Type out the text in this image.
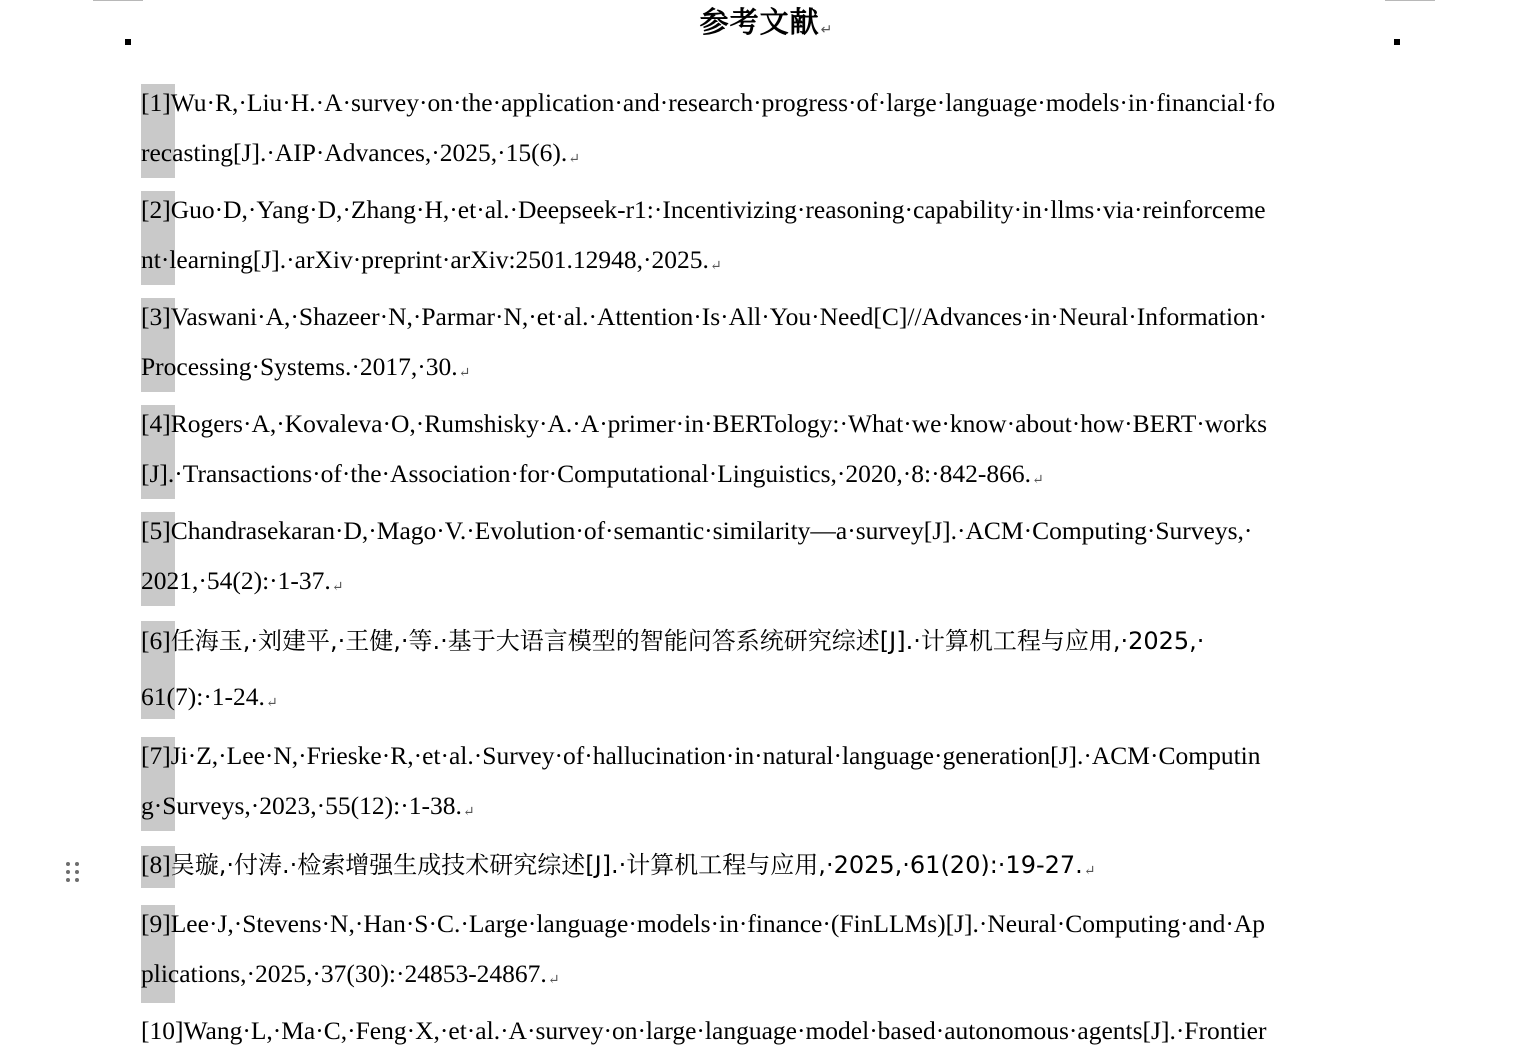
参考文献↵
[1]Wu·R,·Liu·H.·A·survey·on·the·application·and·research·progress·of·large·language·models·in·financial·fo
recasting[J].·AIP·Advances,·2025,·15(6).↵
[2]Guo·D,·Yang·D,·Zhang·H,·et·al.·Deepseek-r1:·Incentivizing·reasoning·capability·in·llms·via·reinforceme
nt·learning[J].·arXiv·preprint·arXiv:2501.12948,·2025.↵
[3]Vaswani·A,·Shazeer·N,·Parmar·N,·et·al.·Attention·Is·All·You·Need[C]//Advances·in·Neural·Information·
Processing·Systems.·2017,·30.↵
[4]Rogers·A,·Kovaleva·O,·Rumshisky·A.·A·primer·in·BERTology:·What·we·know·about·how·BERT·works
[J].·Transactions·of·the·Association·for·Computational·Linguistics,·2020,·8:·842-866.↵
[5]Chandrasekaran·D,·Mago·V.·Evolution·of·semantic·similarity—a·survey[J].·ACM·Computing·Surveys,·
2021,·54(2):·1-37.↵
[6]任海玉,·刘建平,·王健,·等.·基于大语言模型的智能问答系统研究综述[J].·计算机工程与应用,·2025,·
61(7):·1-24.↵
[7]Ji·Z,·Lee·N,·Frieske·R,·et·al.·Survey·of·hallucination·in·natural·language·generation[J].·ACM·Computin
g·Surveys,·2023,·55(12):·1-38.↵
[8]吴璇,·付涛.·检索增强生成技术研究综述[J].·计算机工程与应用,·2025,·61(20):·19-27.↵
[9]Lee·J,·Stevens·N,·Han·S·C.·Large·language·models·in·finance·(FinLLMs)[J].·Neural·Computing·and·Ap
plications,·2025,·37(30):·24853-24867.↵
[10]Wang·L,·Ma·C,·Feng·X,·et·al.·A·survey·on·large·language·model·based·autonomous·agents[J].·Frontier
